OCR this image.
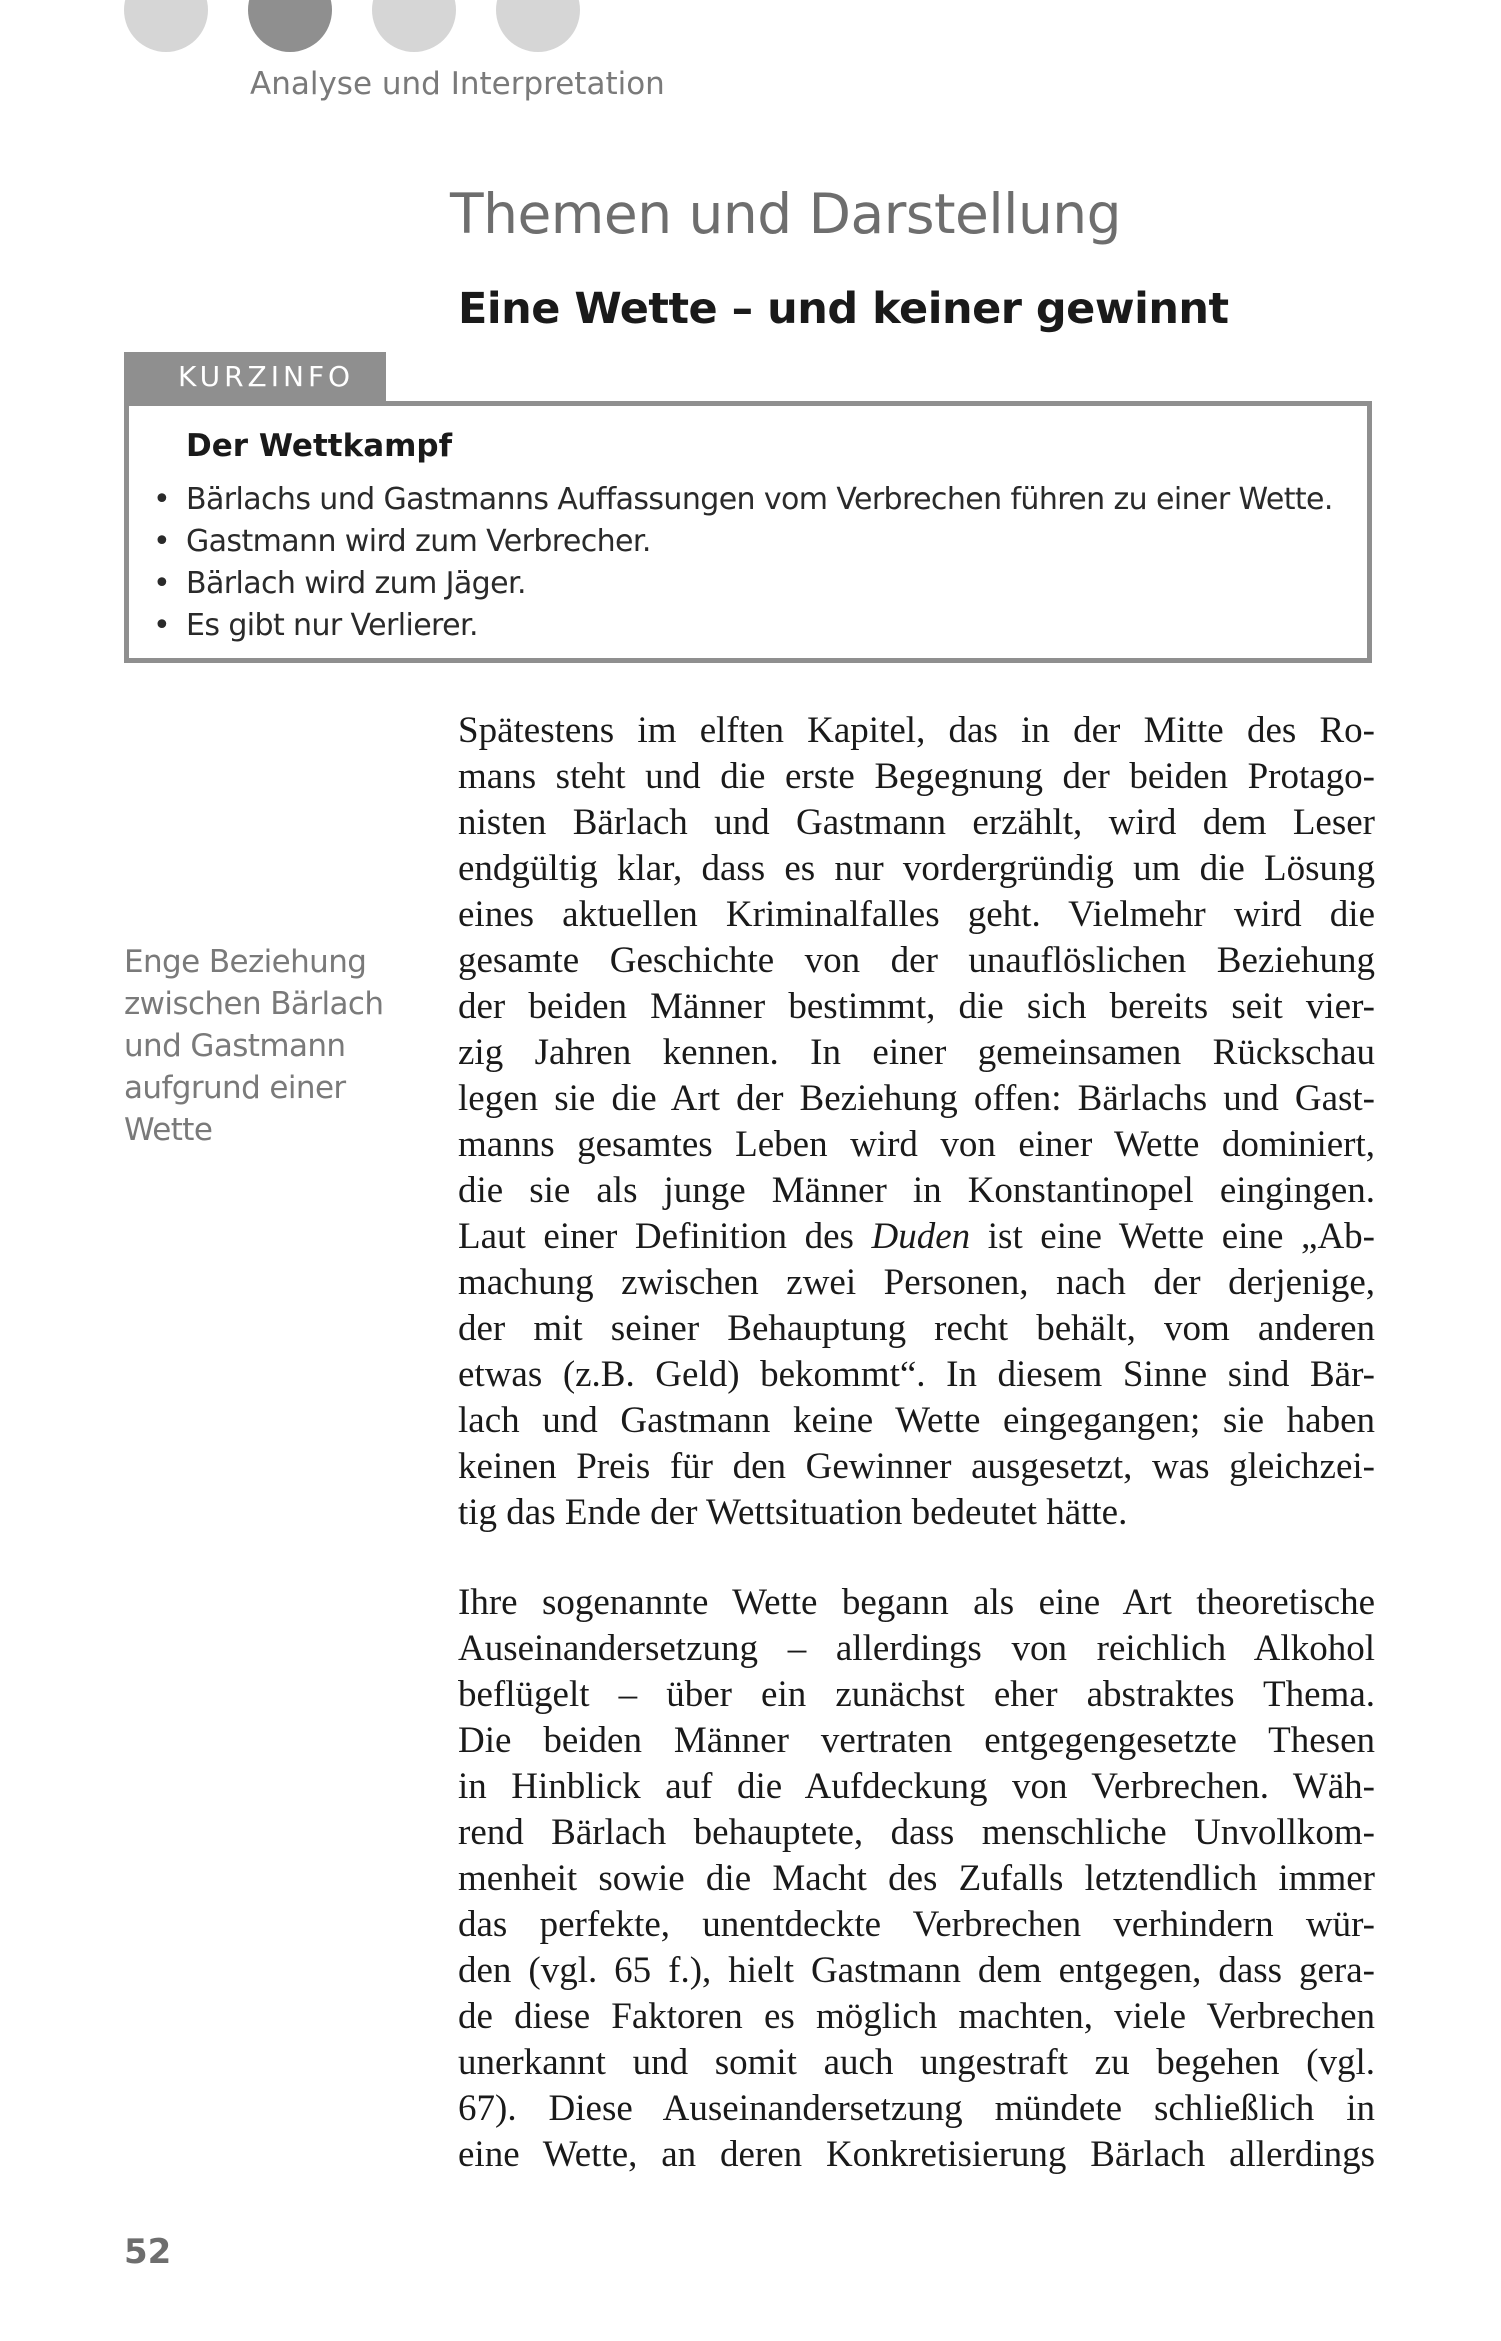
Analyse und Interpretation
Themen und Darstellung
Eine Wette – und keiner gewinnt
KURZINFO
Der Wettkampf
• Bärlachs und Gastmanns Auffassungen vom Verbrechen führen zu einer Wette.
• Gastmann wird zum Verbrecher.
• Bärlach wird zum Jäger.
• Es gibt nur Verlierer.
Enge Beziehung
zwischen Bärlach
und Gastmann
aufgrund einer
Wette
Spätestens im elften Kapitel, das in der Mitte des Ro-
mans steht und die erste Begegnung der beiden Protago-
nisten Bärlach und Gastmann erzählt, wird dem Leser
endgültig klar, dass es nur vordergründig um die Lösung
eines aktuellen Kriminalfalles geht. Vielmehr wird die
gesamte Geschichte von der unauflöslichen Beziehung
der beiden Männer bestimmt, die sich bereits seit vier-
zig Jahren kennen. In einer gemeinsamen Rückschau
legen sie die Art der Beziehung offen: Bärlachs und Gast-
manns gesamtes Leben wird von einer Wette dominiert,
die sie als junge Männer in Konstantinopel eingingen.
Laut einer Definition des Duden ist eine Wette eine „Ab-
machung zwischen zwei Personen, nach der derjenige,
der mit seiner Behauptung recht behält, vom anderen
etwas (z.B. Geld) bekommt“. In diesem Sinne sind Bär-
lach und Gastmann keine Wette eingegangen; sie haben
keinen Preis für den Gewinner ausgesetzt, was gleichzei-
tig das Ende der Wettsituation bedeutet hätte.
Ihre sogenannte Wette begann als eine Art theoretische
Auseinandersetzung – allerdings von reichlich Alkohol
beflügelt – über ein zunächst eher abstraktes Thema.
Die beiden Männer vertraten entgegengesetzte Thesen
in Hinblick auf die Aufdeckung von Verbrechen. Wäh-
rend Bärlach behauptete, dass menschliche Unvollkom-
menheit sowie die Macht des Zufalls letztendlich immer
das perfekte, unentdeckte Verbrechen verhindern wür-
den (vgl. 65 f.), hielt Gastmann dem entgegen, dass gera-
de diese Faktoren es möglich machten, viele Verbrechen
unerkannt und somit auch ungestraft zu begehen (vgl.
67). Diese Auseinandersetzung mündete schließlich in
eine Wette, an deren Konkretisierung Bärlach allerdings
52
